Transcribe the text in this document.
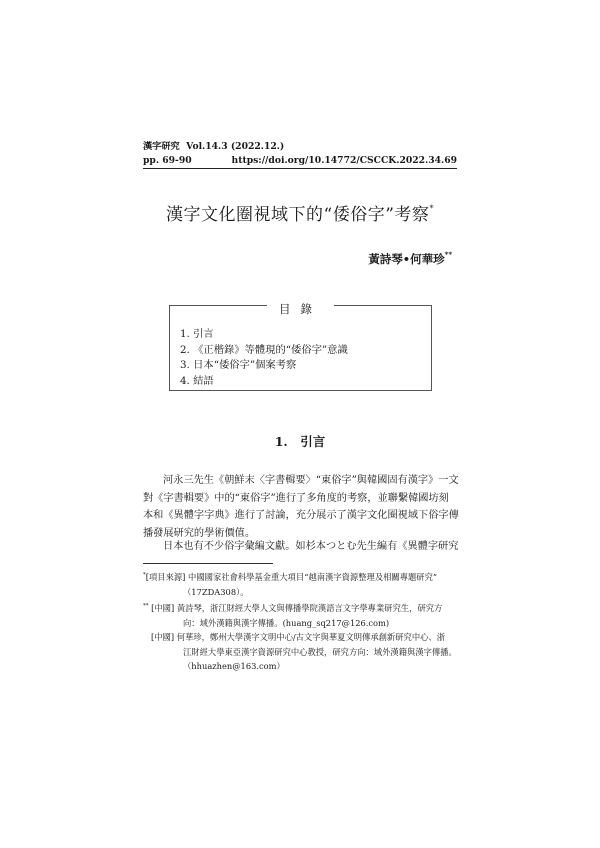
漢字研究 Vol.14.3 (2022.12.)
pp. 69-90	https://doi.org/10.14772/CSCCK.2022.34.69
漢字文化圈視域下的“倭俗字”考察*
黃詩琴•何華珍**
目錄
1. 引言
2. 《正楷錄》等體現的“倭俗字”意識
3. 日本“倭俗字”個案考察
4. 結語
1.　引言
河永三先生《朝鮮末〈字書輯要〉“東俗字”與韓國固有漢字》一文
對《字書輯要》中的“東俗字”進行了多角度的考察，並聯繫韓國坊刻
本和《異體字字典》進行了討論，充分展示了漢字文化圈視域下俗字傳
播發展研究的學術價值。
日本也有不少俗字彙編文獻。如杉本つとむ先生編有《異體字研究
*[項目來源] 中國國家社會科學基金重大項目“越南漢字資源整理及相關專題研究”
（17ZDA308）。
** [中國] 黃詩琴，浙江財經大學人文與傳播學院漢語言文字學專業研究生，研究方
向：域外漢籍與漢字傳播。(huang_sq217@126.com)
[中國] 何華珍，鄭州大學漢字文明中心/古文字與華夏文明傳承創新研究中心、浙
江財經大學東亞漢字資源研究中心教授，研究方向：域外漢籍與漢字傳播。
（hhuazhen@163.com）
